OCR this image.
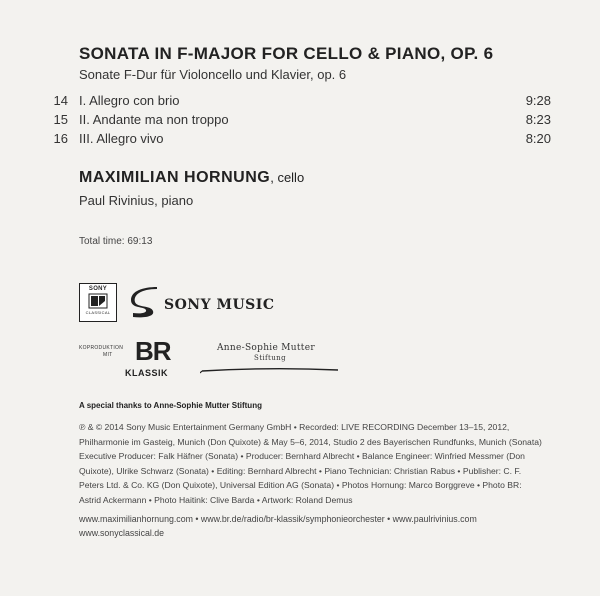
SONATA IN F-MAJOR FOR CELLO & PIANO, OP. 6
Sonate F-Dur für Violoncello und Klavier, op. 6
14 I. Allegro con brio	9:28
15 II. Andante ma non troppo	8:23
16 III. Allegro vivo	8:20
MAXIMILIAN HORNUNG, cello
Paul Rivinius, piano
Total time: 69:13
SONY
CLASSICAL	SONY MUSIC
KOPRODUKTION
MIT BR
KLASSIK
Anne-Sophie Mutter
Stiftung
A special thanks to Anne-Sophie Mutter Stiftung
℗ & © 2014 Sony Music Entertainment Germany GmbH • Recorded: LIVE RECORDING December 13–15, 2012,
Philharmonie im Gasteig, Munich (Don Quixote) & May 5–6, 2014, Studio 2 des Bayerischen Rundfunks, Munich (Sonata)
Executive Producer: Falk Häfner (Sonata) • Producer: Bernhard Albrecht • Balance Engineer: Winfried Messmer (Don
Quixote), Ulrike Schwarz (Sonata) • Editing: Bernhard Albrecht • Piano Technician: Christian Rabus • Publisher: C. F.
Peters Ltd. & Co. KG (Don Quixote), Universal Edition AG (Sonata) • Photos Hornung: Marco Borggreve • Photo BR:
Astrid Ackermann • Photo Haitink: Clive Barda • Artwork: Roland Demus
www.maximilianhornung.com • www.br.de/radio/br-klassik/symphonieorchester • www.paulrivinius.com
www.sonyclassical.de
